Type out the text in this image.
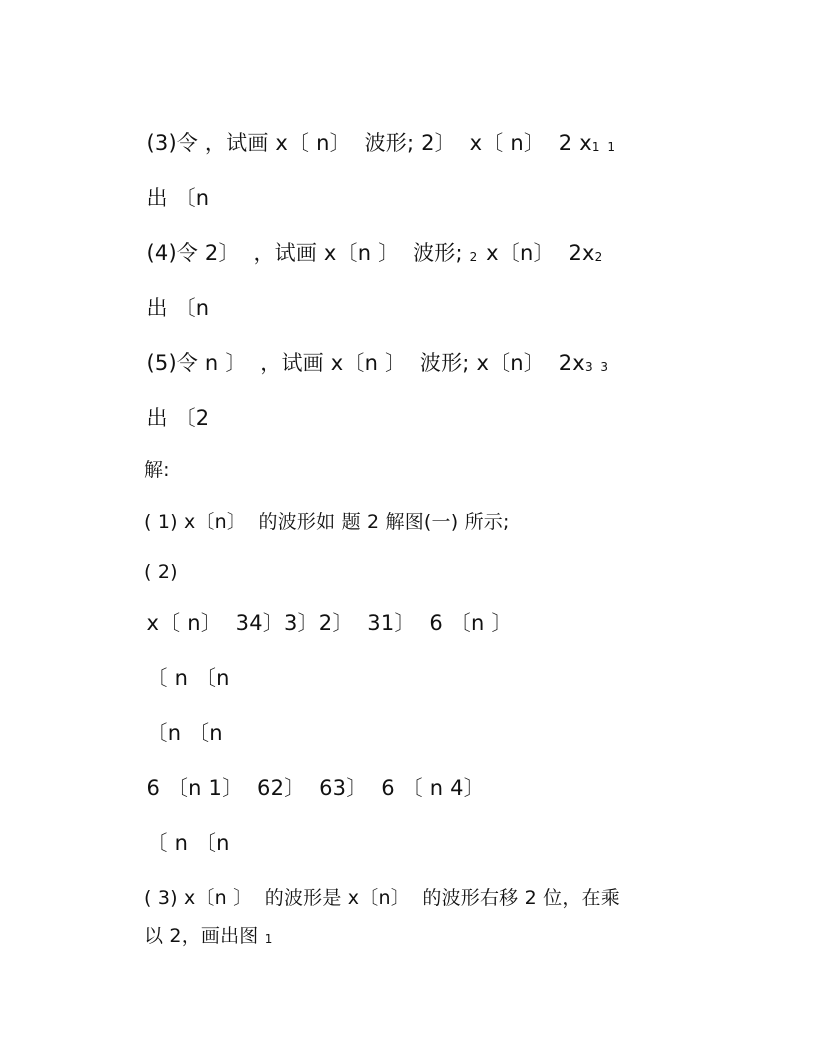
(3)令 ，试画 x〔 n〕  波形; 2〕  x〔 n〕  2 x1 1

出 〔n

(4)令 2〕  ，试画 x〔n 〕  波形; 2 x〔n〕  2x2

出 〔n

(5)令 n 〕  ，试画 x〔n 〕  波形; x〔n〕  2x3 3

出 〔2

解:

( 1) x〔n〕  的波形如 题 2 解图(一) 所示;

( 2)

x〔 n〕  34〕3〕2〕  31〕  6 〔n 〕

〔 n 〔n

〔n 〔n

6 〔n 1〕  62〕  63〕  6 〔 n 4〕

〔 n 〔n

( 3) x〔n 〕  的波形是 x〔n〕  的波形右移 2 位，在乘

以 2，画出图 1
